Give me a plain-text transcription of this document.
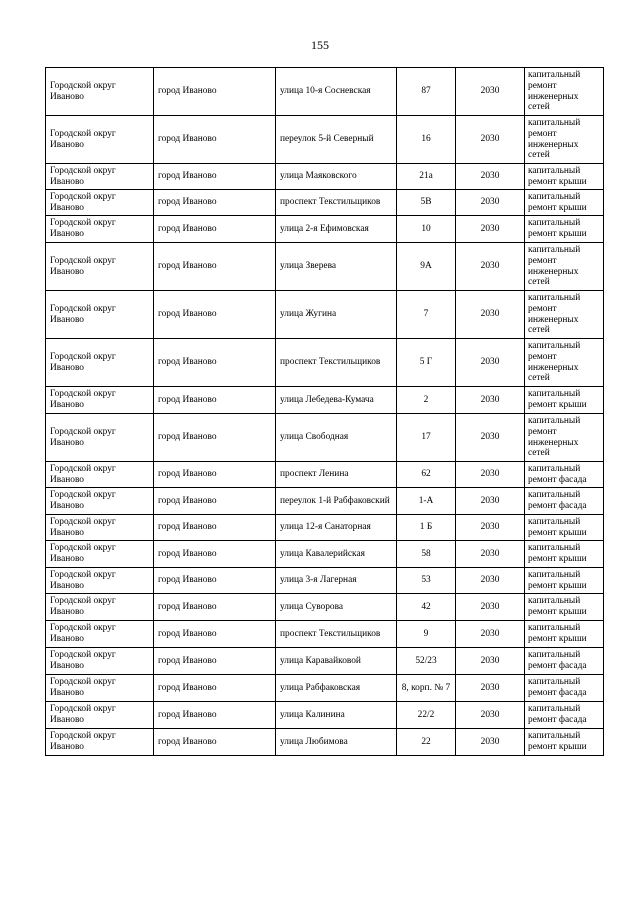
155
Городской округ Иваново	город Иваново	улица 10-я Сосневская	87	2030	капитальный ремонт инженерных сетей
Городской округ Иваново	город Иваново	переулок 5-й Северный	16	2030	капитальный ремонт инженерных сетей
Городской округ Иваново	город Иваново	улица Маяковского	21а	2030	капитальный ремонт крыши
Городской округ Иваново	город Иваново	проспект Текстильщиков	5В	2030	капитальный ремонт крыши
Городской округ Иваново	город Иваново	улица 2-я Ефимовская	10	2030	капитальный ремонт крыши
Городской округ Иваново	город Иваново	улица Зверева	9А	2030	капитальный ремонт инженерных сетей
Городской округ Иваново	город Иваново	улица Жугина	7	2030	капитальный ремонт инженерных сетей
Городской округ Иваново	город Иваново	проспект Текстильщиков	5 Г	2030	капитальный ремонт инженерных сетей
Городской округ Иваново	город Иваново	улица Лебедева-Кумача	2	2030	капитальный ремонт крыши
Городской округ Иваново	город Иваново	улица Свободная	17	2030	капитальный ремонт инженерных сетей
Городской округ Иваново	город Иваново	проспект Ленина	62	2030	капитальный ремонт фасада
Городской округ Иваново	город Иваново	переулок 1-й Рабфаковский	1-А	2030	капитальный ремонт фасада
Городской округ Иваново	город Иваново	улица 12-я Санаторная	1 Б	2030	капитальный ремонт крыши
Городской округ Иваново	город Иваново	улица Кавалерийская	58	2030	капитальный ремонт крыши
Городской округ Иваново	город Иваново	улица 3-я Лагерная	53	2030	капитальный ремонт крыши
Городской округ Иваново	город Иваново	улица Суворова	42	2030	капитальный ремонт крыши
Городской округ Иваново	город Иваново	проспект Текстильщиков	9	2030	капитальный ремонт крыши
Городской округ Иваново	город Иваново	улица Каравайковой	52/23	2030	капитальный ремонт фасада
Городской округ Иваново	город Иваново	улица Рабфаковская	8, корп. № 7	2030	капитальный ремонт фасада
Городской округ Иваново	город Иваново	улица Калинина	22/2	2030	капитальный ремонт фасада
Городской округ Иваново	город Иваново	улица Любимова	22	2030	капитальный ремонт крыши
